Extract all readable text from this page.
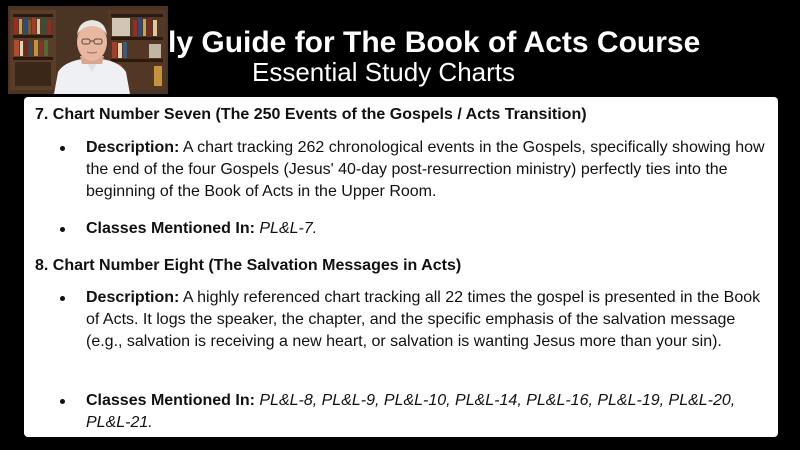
ly Guide for The Book of Acts Course
Essential Study Charts
7. Chart Number Seven (The 250 Events of the Gospels / Acts Transition)
Description: A chart tracking 262 chronological events in the Gospels, specifically showing how the end of the four Gospels (Jesus' 40-day post-resurrection ministry) perfectly ties into the beginning of the Book of Acts in the Upper Room.
Classes Mentioned In: PL&L-7.
8. Chart Number Eight (The Salvation Messages in Acts)
Description: A highly referenced chart tracking all 22 times the gospel is presented in the Book of Acts. It logs the speaker, the chapter, and the specific emphasis of the salvation message (e.g., salvation is receiving a new heart, or salvation is wanting Jesus more than your sin).
Classes Mentioned In: PL&L-8, PL&L-9, PL&L-10, PL&L-14, PL&L-16, PL&L-19, PL&L-20, PL&L-21.
